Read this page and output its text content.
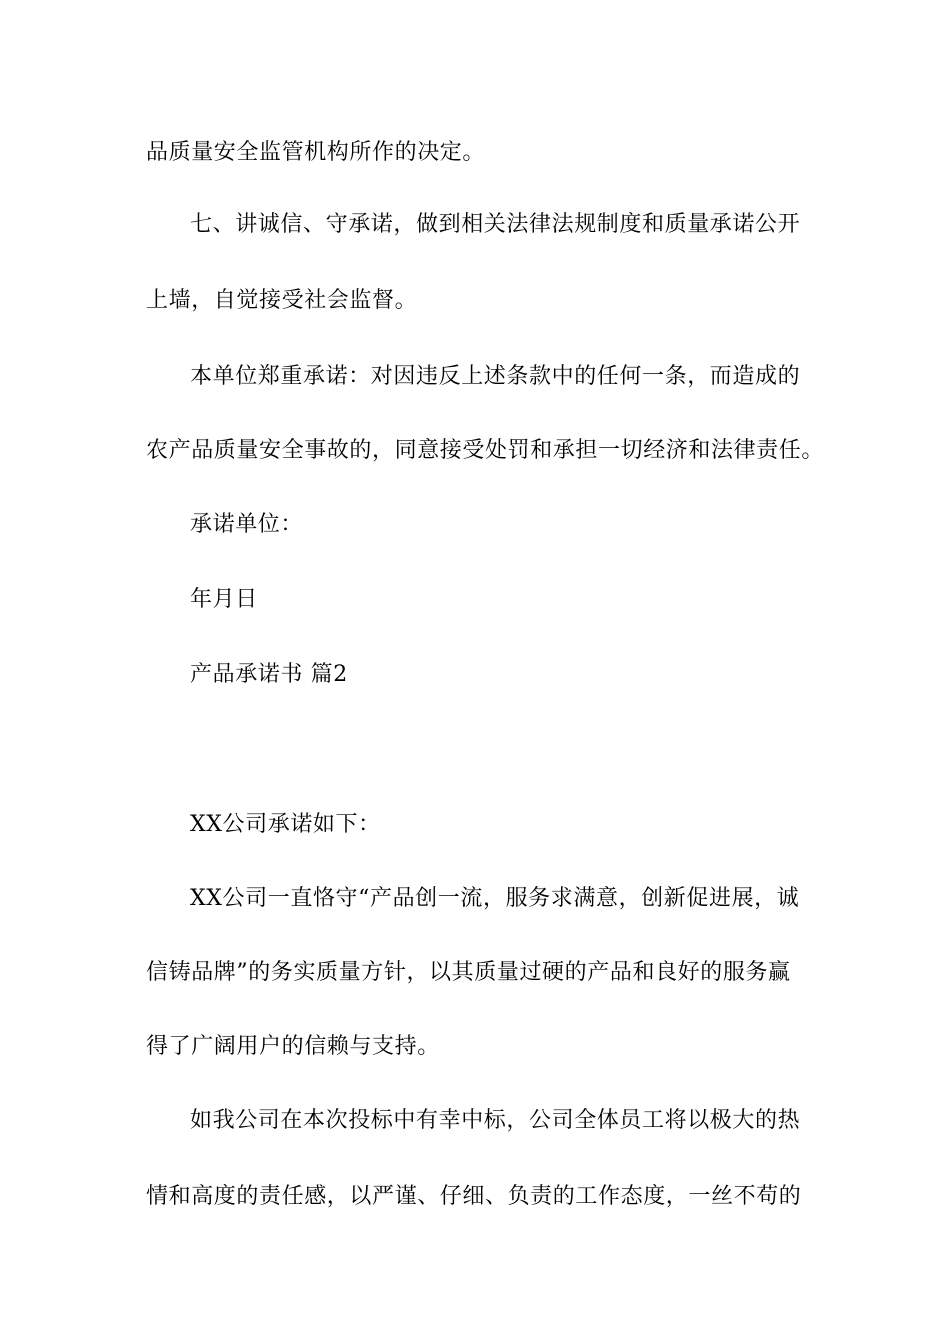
品质量安全监管机构所作的决定。
七、讲诚信、守承诺，做到相关法律法规制度和质量承诺公开
上墙，自觉接受社会监督。
本单位郑重承诺：对因违反上述条款中的任何一条，而造成的
农产品质量安全事故的，同意接受处罚和承担一切经济和法律责任。
承诺单位：
年月日
产品承诺书 篇2
XX公司承诺如下：
XX公司一直恪守“产品创一流，服务求满意，创新促进展，诚
信铸品牌”的务实质量方针，以其质量过硬的产品和良好的服务赢
得了广阔用户的信赖与支持。
如我公司在本次投标中有幸中标，公司全体员工将以极大的热
情和高度的责任感，以严谨、仔细、负责的工作态度，一丝不苟的
